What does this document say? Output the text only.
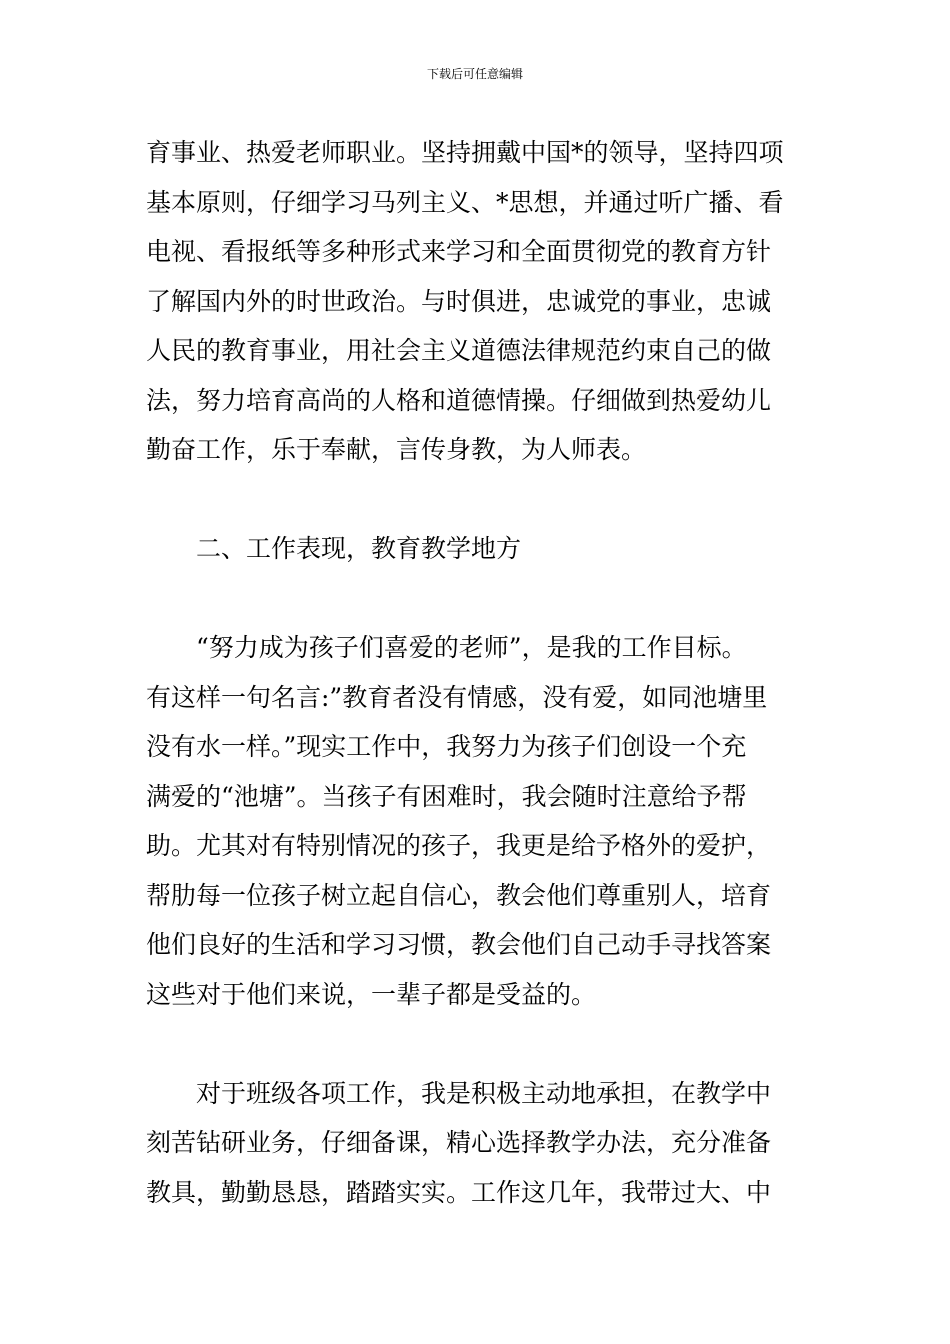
下载后可任意编辑
育事业、热爱老师职业。坚持拥戴中国*的领导，坚持四项
基本原则，仔细学习马列主义、*思想，并通过听广播、看
电视、看报纸等多种形式来学习和全面贯彻党的教育方针
了解国内外的时世政治。与时俱进，忠诚党的事业，忠诚
人民的教育事业，用社会主义道德法律规范约束自己的做
法，努力培育高尚的人格和道德情操。仔细做到热爱幼儿
勤奋工作，乐于奉献，言传身教，为人师表。
二、工作表现，教育教学地方
“努力成为孩子们喜爱的老师”，是我的工作目标。
有这样一句名言:”教育者没有情感，没有爱，如同池塘里
没有水一样。”现实工作中，我努力为孩子们创设一个充
满爱的“池塘”。当孩子有困难时，我会随时注意给予帮
助。尤其对有特别情况的孩子，我更是给予格外的爱护，
帮肋每一位孩子树立起自信心，教会他们尊重别人，培育
他们良好的生活和学习习惯，教会他们自己动手寻找答案
这些对于他们来说，一辈子都是受益的。
对于班级各项工作，我是积极主动地承担，在教学中
刻苦钻研业务，仔细备课，精心选择教学办法，充分准备
教具，勤勤恳恳，踏踏实实。工作这几年，我带过大、中
